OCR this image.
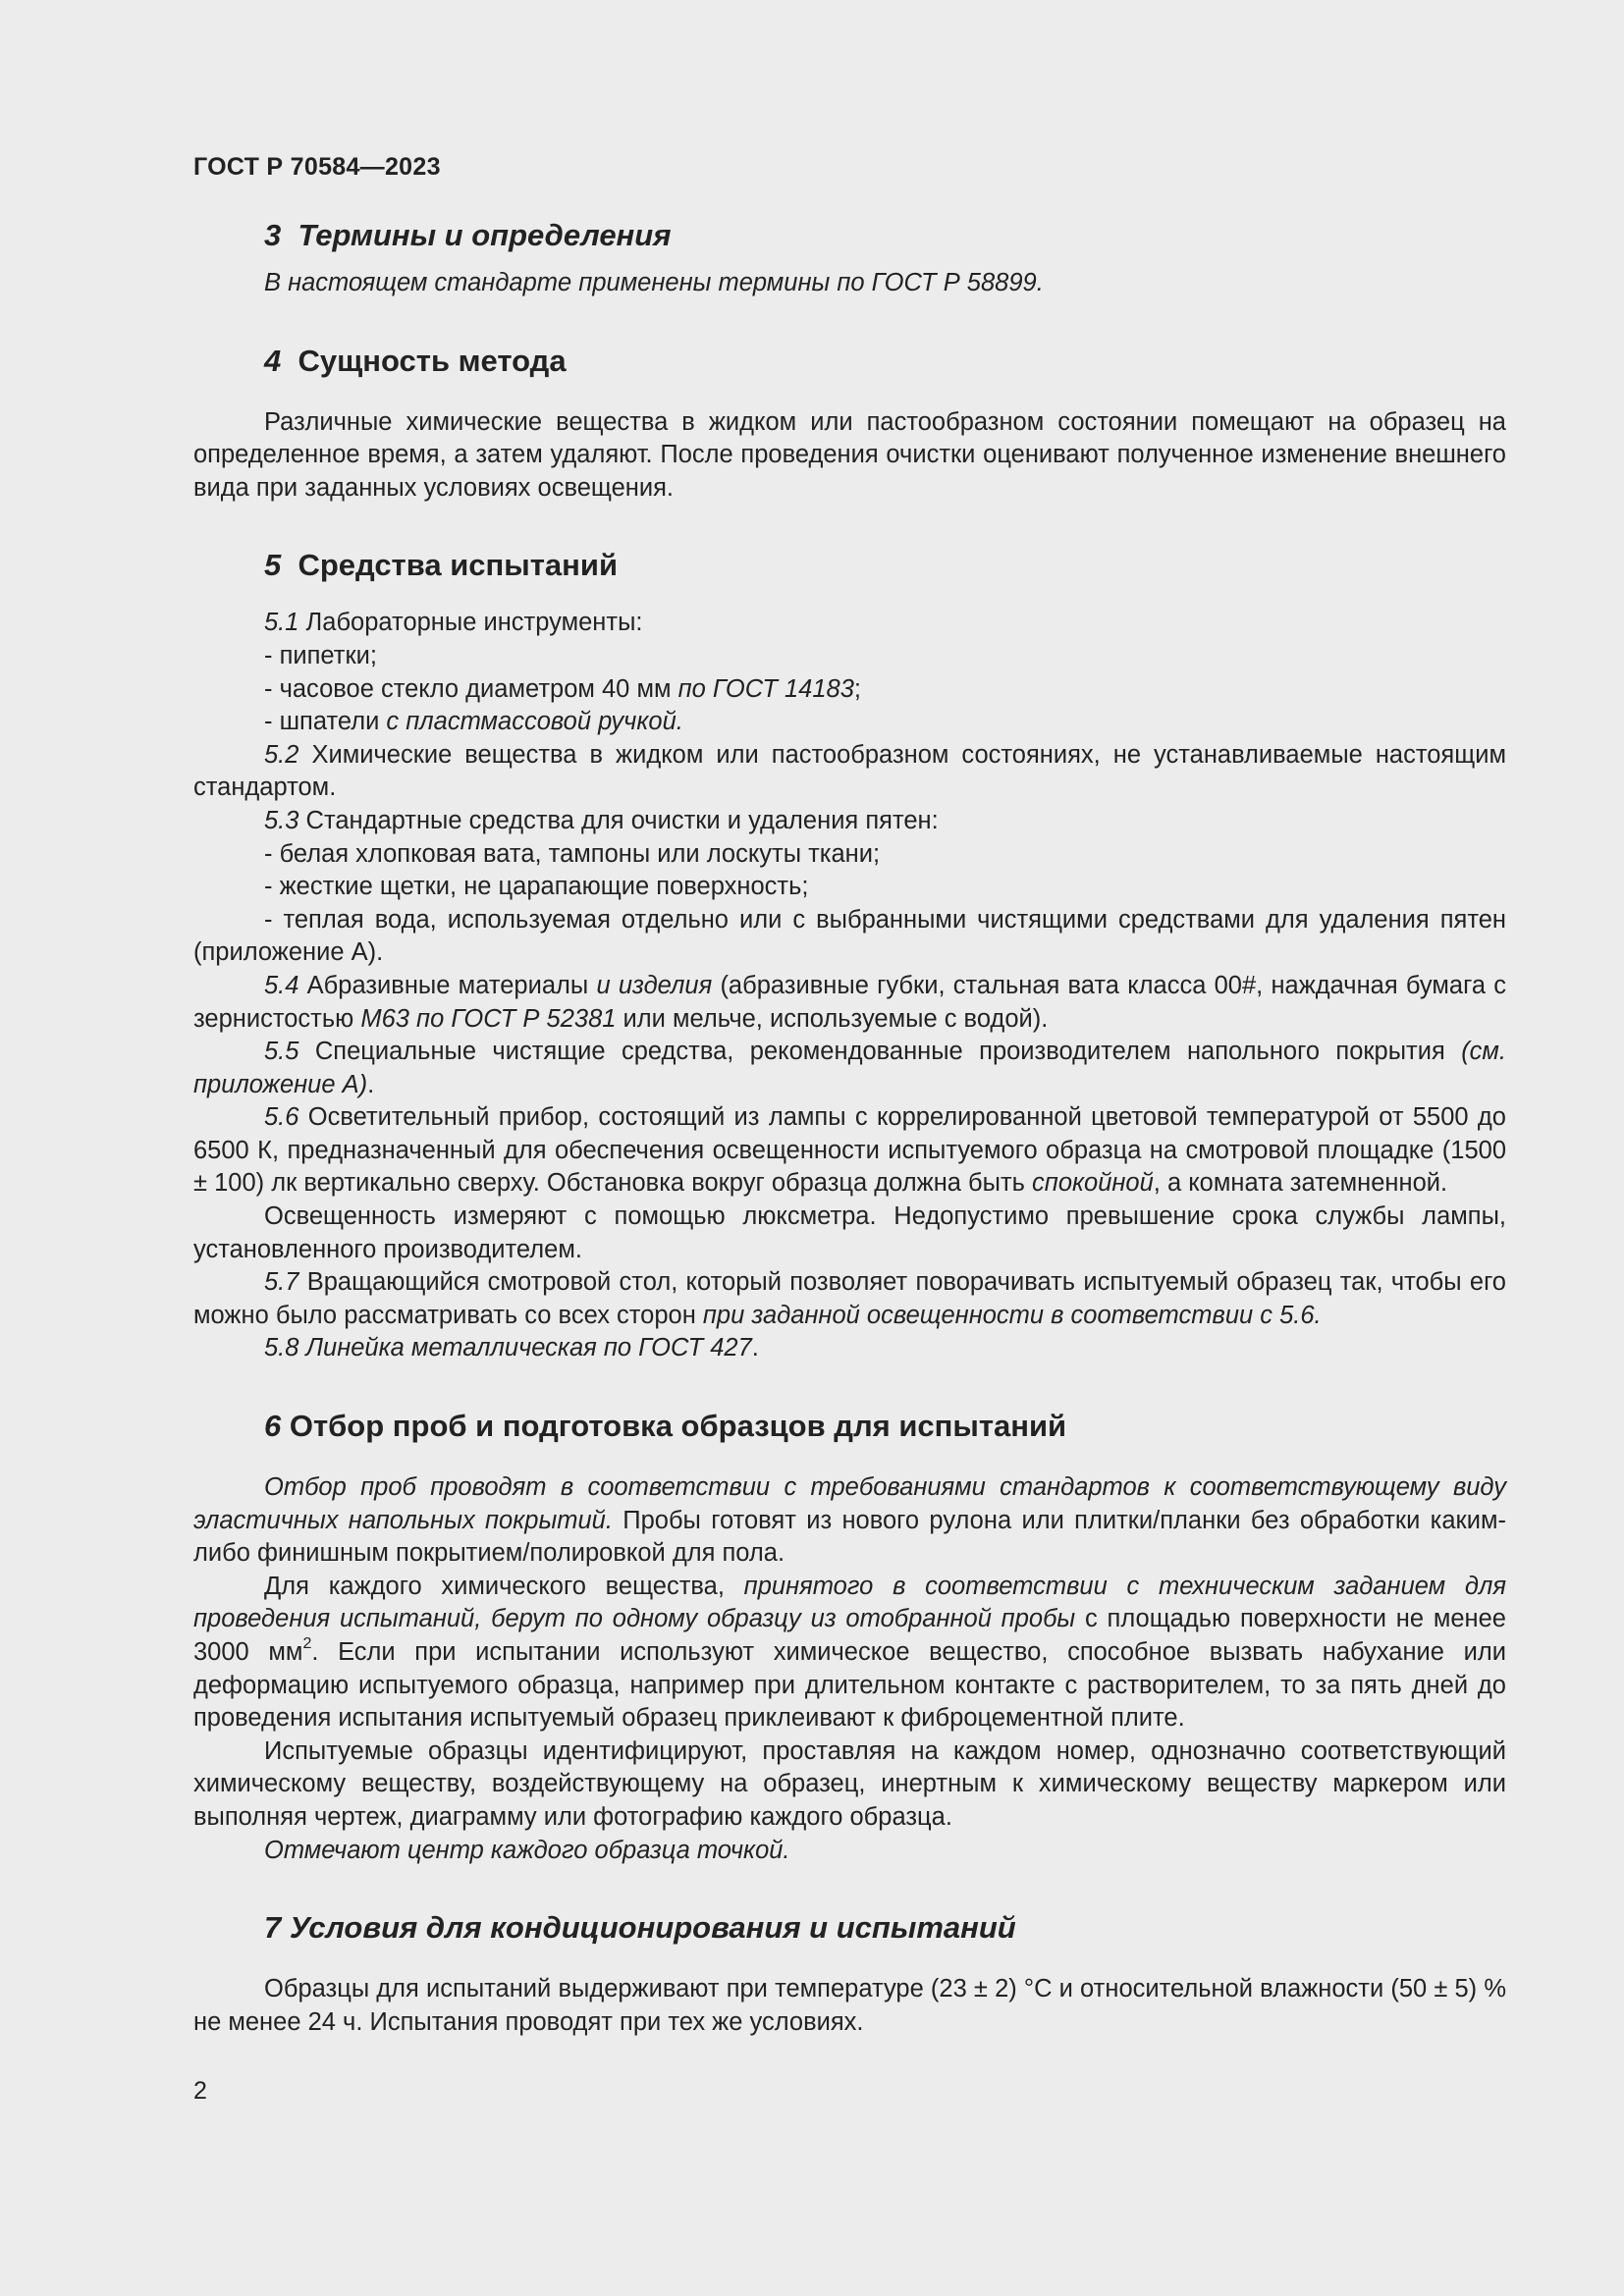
ГОСТ Р 70584—2023
3 Термины и определения

В настоящем стандарте применены термины по ГОСТ Р 58899.

4 Сущность метода

Различные химические вещества в жидком или пастообразном состоянии помещают на образец на определенное время, а затем удаляют. После проведения очистки оценивают полученное изменение внешнего вида при заданных условиях освещения.

5 Средства испытаний

5.1 Лабораторные инструменты:

- пипетки;

- часовое стекло диаметром 40 мм по ГОСТ 14183;

- шпатели с пластмассовой ручкой.

5.2 Химические вещества в жидком или пастообразном состояниях, не устанавливаемые настоящим стандартом.

5.3 Стандартные средства для очистки и удаления пятен:

- белая хлопковая вата, тампоны или лоскуты ткани;

- жесткие щетки, не царапающие поверхность;

- теплая вода, используемая отдельно или с выбранными чистящими средствами для удаления пятен (приложение А).

5.4 Абразивные материалы и изделия (абразивные губки, стальная вата класса 00#, наждачная бумага с зернистостью М63 по ГОСТ Р 52381 или мельче, используемые с водой).

5.5 Специальные чистящие средства, рекомендованные производителем напольного покрытия (см. приложение А).

5.6 Осветительный прибор, состоящий из лампы с коррелированной цветовой температурой от 5500 до 6500 К, предназначенный для обеспечения освещенности испытуемого образца на смотровой площадке (1500 ± 100) лк вертикально сверху. Обстановка вокруг образца должна быть спокойной, а комната затемненной.

Освещенность измеряют с помощью люксметра. Недопустимо превышение срока службы лампы, установленного производителем.

5.7 Вращающийся смотровой стол, который позволяет поворачивать испытуемый образец так, чтобы его можно было рассматривать со всех сторон при заданной освещенности в соответствии с 5.6.

5.8 Линейка металлическая по ГОСТ 427.

6 Отбор проб и подготовка образцов для испытаний

Отбор проб проводят в соответствии с требованиями стандартов к соответствующему виду эластичных напольных покрытий. Пробы готовят из нового рулона или плитки/планки без обработки каким-либо финишным покрытием/полировкой для пола.

Для каждого химического вещества, принятого в соответствии с техническим заданием для проведения испытаний, берут по одному образцу из отобранной пробы с площадью поверхности не менее 3000 $мм^2$. Если при испытании используют химическое вещество, способное вызвать набухание или деформацию испытуемого образца, например при длительном контакте с растворителем, то за пять дней до проведения испытания испытуемый образец приклеивают к фиброцементной плите.

Испытуемые образцы идентифицируют, проставляя на каждом номер, однозначно соответствующий химическому веществу, воздействующему на образец, инертным к химическому веществу маркером или выполняя чертеж, диаграмму или фотографию каждого образца.

Отмечают центр каждого образца точкой.

7 Условия для кондиционирования и испытаний

Образцы для испытаний выдерживают при температуре (23 ± 2) °С и относительной влажности (50 ± 5) % не менее 24 ч. Испытания проводят при тех же условиях.

2
